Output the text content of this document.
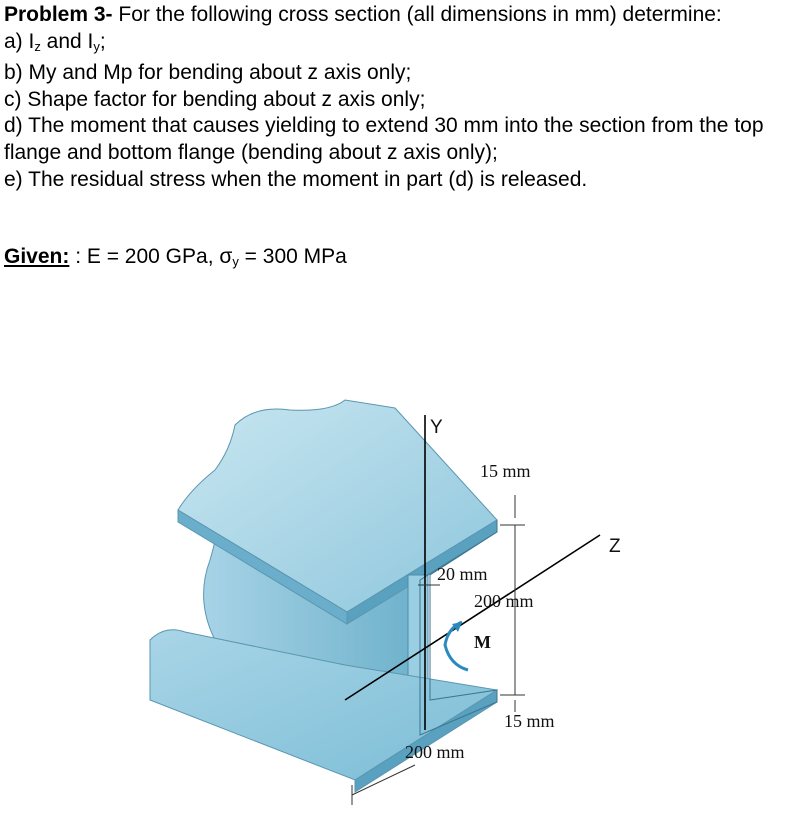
Problem 3- For the following cross section (all dimensions in mm) determine:

a) $I_z$ and $I_y$;

b) My and Mp for bending about z axis only;

c) Shape factor for bending about z axis only;

d) The moment that causes yielding to extend 30 mm into the section from the top flange and bottom flange (bending about z axis only);

e) The residual stress when the moment in part (d) is released.

Given: : E = 200 GPa, $\sigma_y = 300$ MPa
Y
Z
15 mm
20 mm
200 mm
M
15 mm
200 mm
